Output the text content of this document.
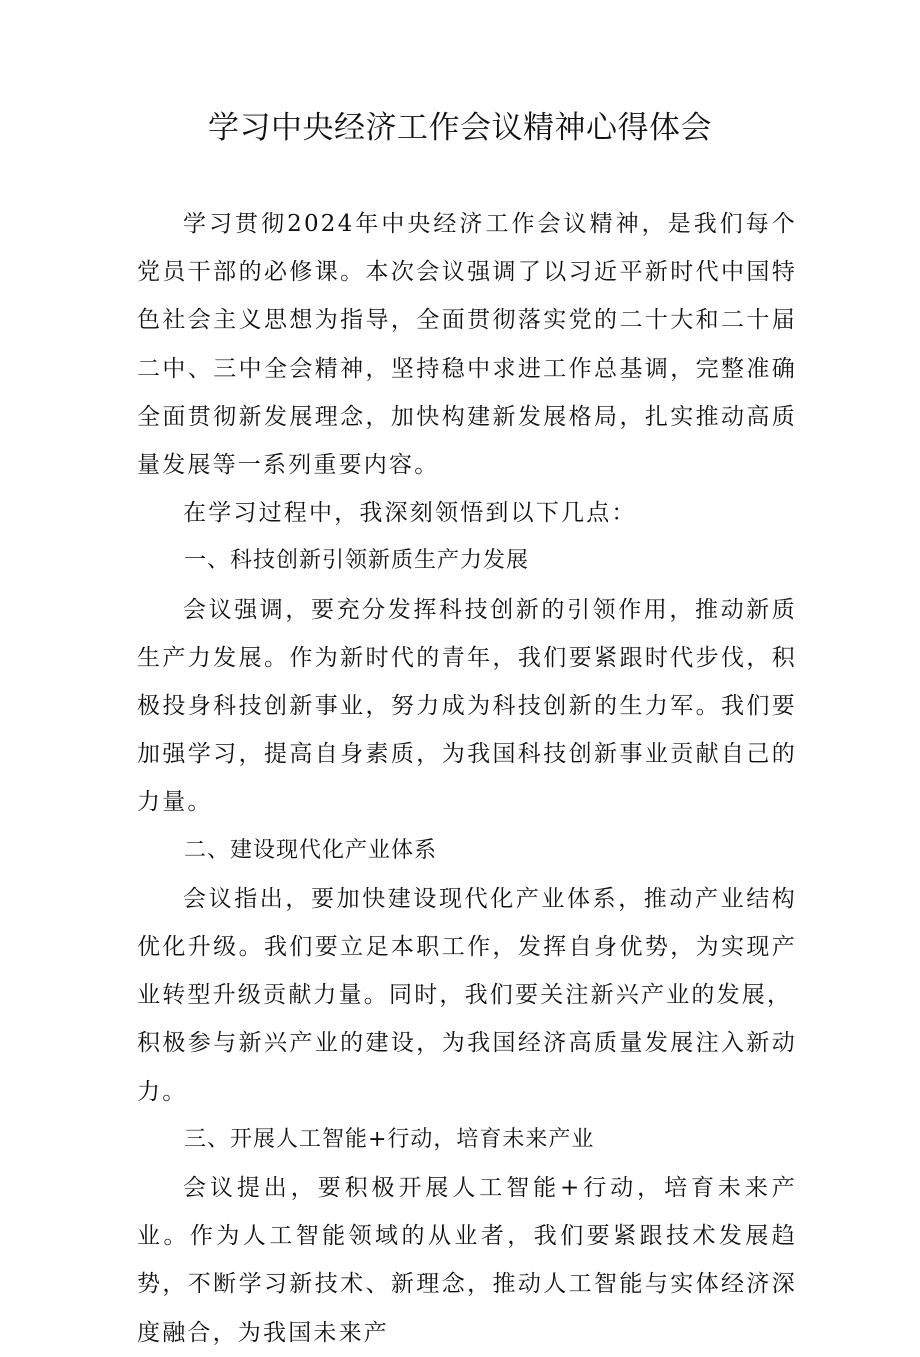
学习中央经济工作会议精神心得体会

学习贯彻2024年中央经济工作会议精神，是我们每个党员干部的必修课。本次会议强调了以习近平新时代中国特色社会主义思想为指导，全面贯彻落实党的二十大和二十届二中、三中全会精神，坚持稳中求进工作总基调，完整准确全面贯彻新发展理念，加快构建新发展格局，扎实推动高质量发展等一系列重要内容。

在学习过程中，我深刻领悟到以下几点：

一、科技创新引领新质生产力发展

会议强调，要充分发挥科技创新的引领作用，推动新质生产力发展。作为新时代的青年，我们要紧跟时代步伐，积极投身科技创新事业，努力成为科技创新的生力军。我们要加强学习，提高自身素质，为我国科技创新事业贡献自己的力量。

二、建设现代化产业体系

会议指出，要加快建设现代化产业体系，推动产业结构优化升级。我们要立足本职工作，发挥自身优势，为实现产业转型升级贡献力量。同时，我们要关注新兴产业的发展，

积极参与新兴产业的建设，为我国经济高质量发展注入新动力。

三、开展人工智能+行动，培育未来产业

会议提出，要积极开展人工智能+行动，培育未来产业。作为人工智能领域的从业者，我们要紧跟技术发展趋势，不断学习新技术、新理念，推动人工智能与实体经济深度融合，为我国未来产
